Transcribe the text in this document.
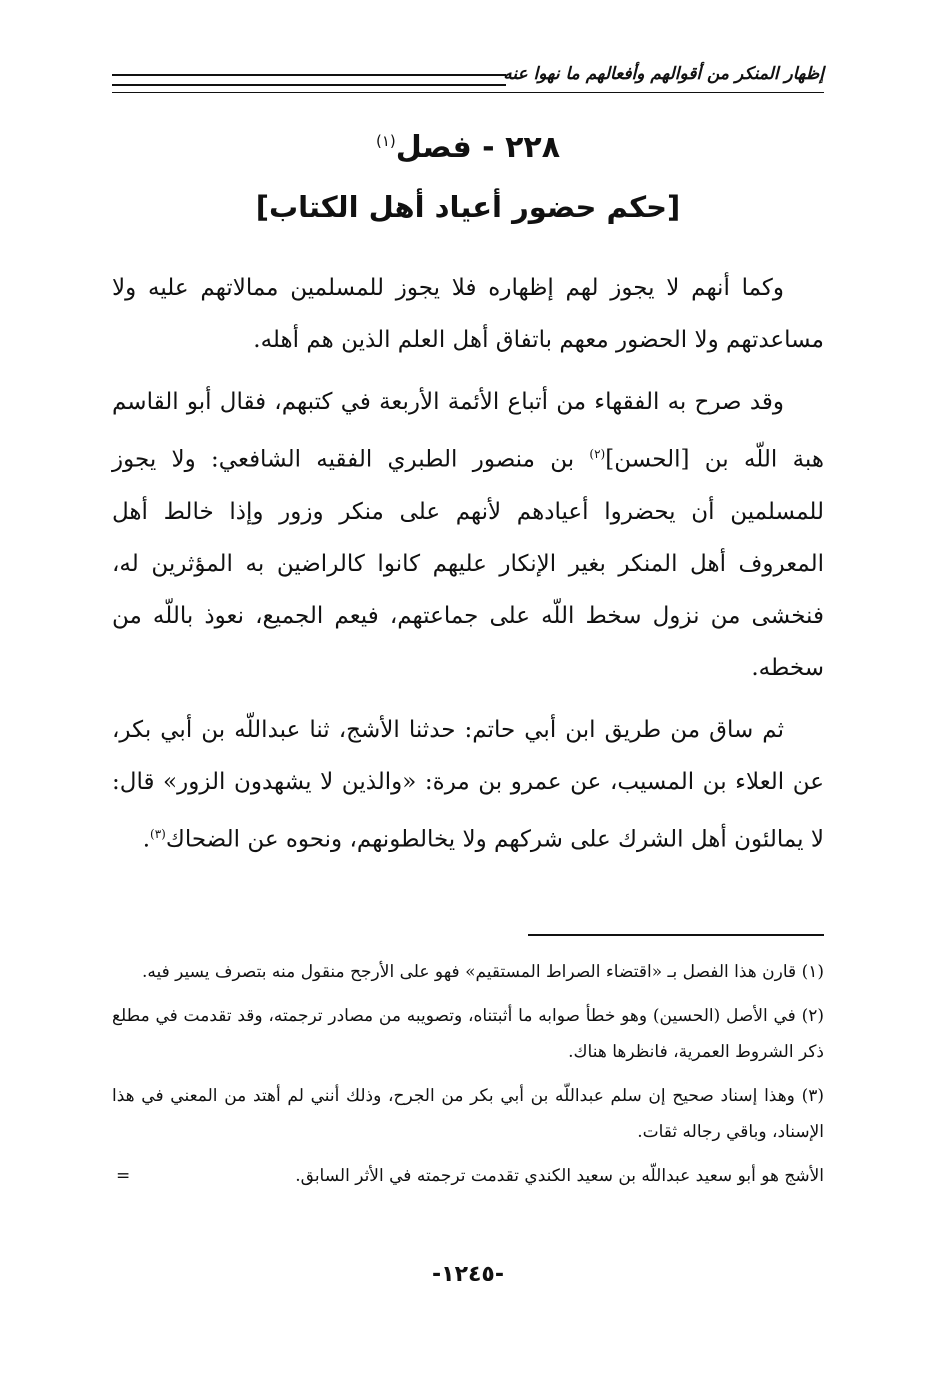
إظهار المنكر من أقوالهم وأفعالهم ما نهوا عنه
٢٢٨ - فصل$^{(١)}$
[حكم حضور أعياد أهل الكتاب]

وكما أنهم لا يجوز لهم إظهاره فلا يجوز للمسلمين ممالاتهم عليه ولا مساعدتهم ولا الحضور معهم باتفاق أهل العلم الذين هم أهله.

وقد صرح به الفقهاء من أتباع الأئمة الأربعة في كتبهم، فقال أبو القاسم هبة اللّه بن [الحسن]$^{(٢)}$ بن منصور الطبري الفقيه الشافعي: ولا يجوز للمسلمين أن يحضروا أعيادهم لأنهم على منكر وزور وإذا خالط أهل المعروف أهل المنكر بغير الإنكار عليهم كانوا كالراضين به المؤثرين له، فنخشى من نزول سخط اللّه على جماعتهم، فيعم الجميع، نعوذ باللّه من سخطه.

ثم ساق من طريق ابن أبي حاتم: حدثنا الأشج، ثنا عبداللّه بن أبي بكر، عن العلاء بن المسيب، عن عمرو بن مرة: «والذين لا يشهدون الزور» قال: لا يمالئون أهل الشرك على شركهم ولا يخالطونهم، ونحوه عن الضحاك$^{(٣)}$.

(١) قارن هذا الفصل بـ «اقتضاء الصراط المستقيم» فهو على الأرجح منقول منه بتصرف يسير فيه.

(٢) في الأصل (الحسين) وهو خطأ صوابه ما أثبتناه، وتصويبه من مصادر ترجمته، وقد تقدمت في مطلع ذكر الشروط العمرية، فانظرها هناك.

(٣) وهذا إسناد صحيح إن سلم عبداللّه بن أبي بكر من الجرح، وذلك أنني لم أهتد من المعني في هذا الإسناد، وباقي رجاله ثقات.

الأشج هو أبو سعيد عبداللّه بن سعيد الكندي تقدمت ترجمته في الأثر السابق.
=

-١٢٤٥-
